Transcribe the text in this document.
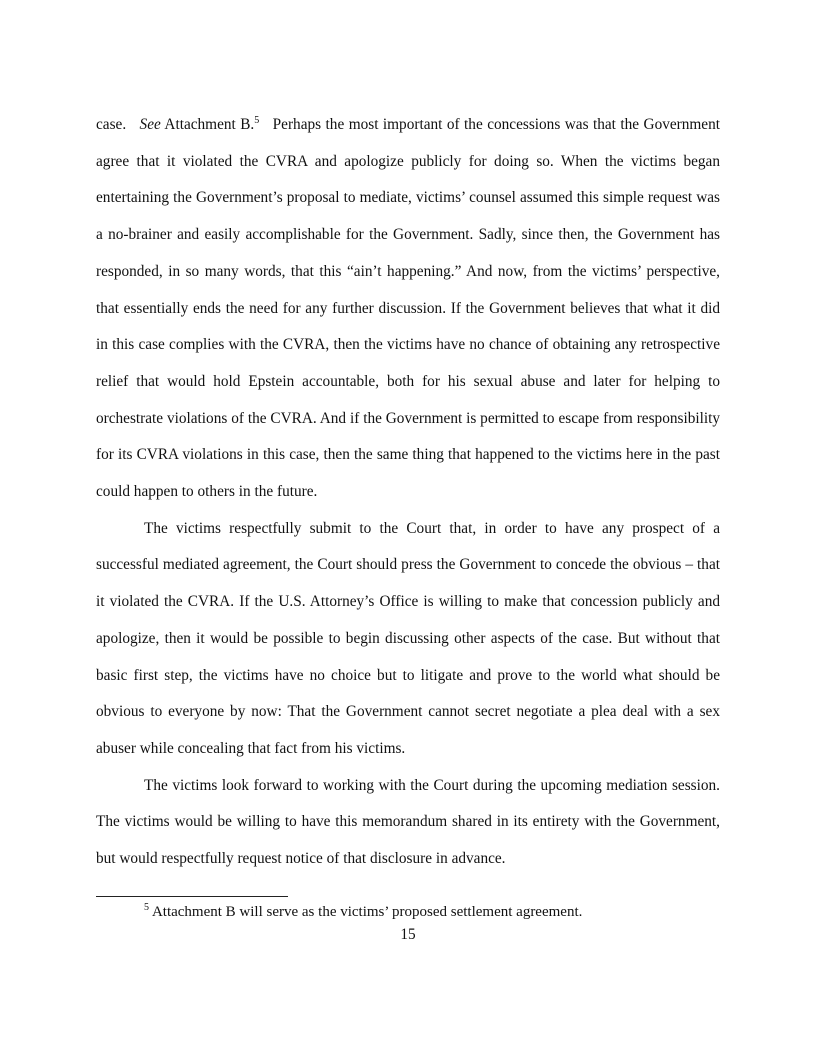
case. See Attachment B.$^5$ Perhaps the most important of the concessions was that the Government agree that it violated the CVRA and apologize publicly for doing so. When the victims began entertaining the Government’s proposal to mediate, victims’ counsel assumed this simple request was a no-brainer and easily accomplishable for the Government. Sadly, since then, the Government has responded, in so many words, that this “ain’t happening.” And now, from the victims’ perspective, that essentially ends the need for any further discussion. If the Government believes that what it did in this case complies with the CVRA, then the victims have no chance of obtaining any retrospective relief that would hold Epstein accountable, both for his sexual abuse and later for helping to orchestrate violations of the CVRA. And if the Government is permitted to escape from responsibility for its CVRA violations in this case, then the same thing that happened to the victims here in the past could happen to others in the future.

The victims respectfully submit to the Court that, in order to have any prospect of a successful mediated agreement, the Court should press the Government to concede the obvious – that it violated the CVRA. If the U.S. Attorney’s Office is willing to make that concession publicly and apologize, then it would be possible to begin discussing other aspects of the case. But without that basic first step, the victims have no choice but to litigate and prove to the world what should be obvious to everyone by now: That the Government cannot secret negotiate a plea deal with a sex abuser while concealing that fact from his victims.

The victims look forward to working with the Court during the upcoming mediation session. The victims would be willing to have this memorandum shared in its entirety with the Government, but would respectfully request notice of that disclosure in advance.

$^5$ Attachment B will serve as the victims’ proposed settlement agreement.

15
